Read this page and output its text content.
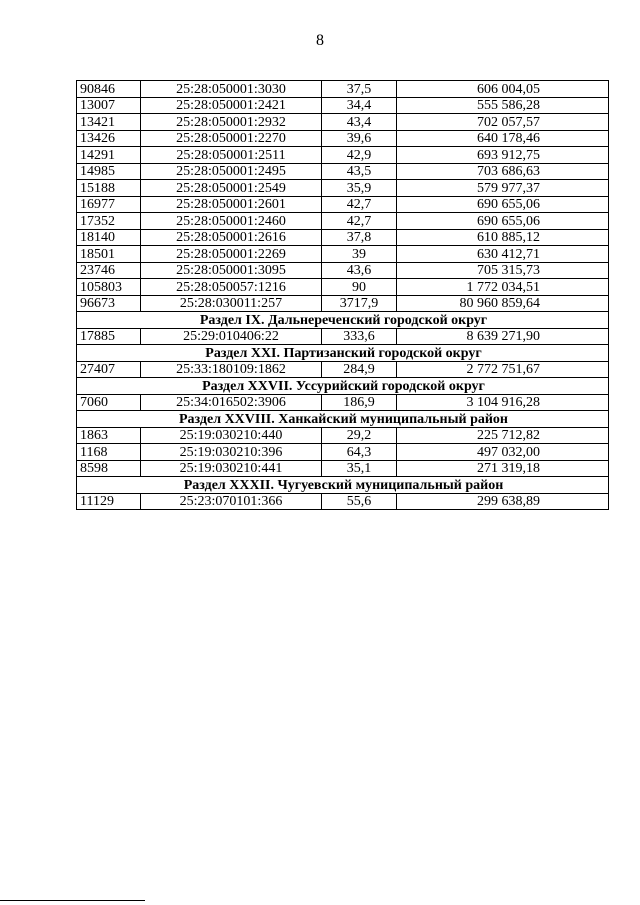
8
90846	25:28:050001:3030	37,5	606 004,05
13007	25:28:050001:2421	34,4	555 586,28
13421	25:28:050001:2932	43,4	702 057,57
13426	25:28:050001:2270	39,6	640 178,46
14291	25:28:050001:2511	42,9	693 912,75
14985	25:28:050001:2495	43,5	703 686,63
15188	25:28:050001:2549	35,9	579 977,37
16977	25:28:050001:2601	42,7	690 655,06
17352	25:28:050001:2460	42,7	690 655,06
18140	25:28:050001:2616	37,8	610 885,12
18501	25:28:050001:2269	39	630 412,71
23746	25:28:050001:3095	43,6	705 315,73
105803	25:28:050057:1216	90	1 772 034,51
96673	25:28:030011:257	3717,9	80 960 859,64
Раздел IX. Дальнереченский городской округ			
17885	25:29:010406:22	333,6	8 639 271,90
Раздел XXI. Партизанский городской округ			
27407	25:33:180109:1862	284,9	2 772 751,67
Раздел XXVII. Уссурийский городской округ			
7060	25:34:016502:3906	186,9	3 104 916,28
Раздел XXVIII. Ханкайский муниципальный район			
1863	25:19:030210:440	29,2	225 712,82
1168	25:19:030210:396	64,3	497 032,00
8598	25:19:030210:441	35,1	271 319,18
Раздел XXXII. Чугуевский муниципальный район			
11129	25:23:070101:366	55,6	299 638,89
